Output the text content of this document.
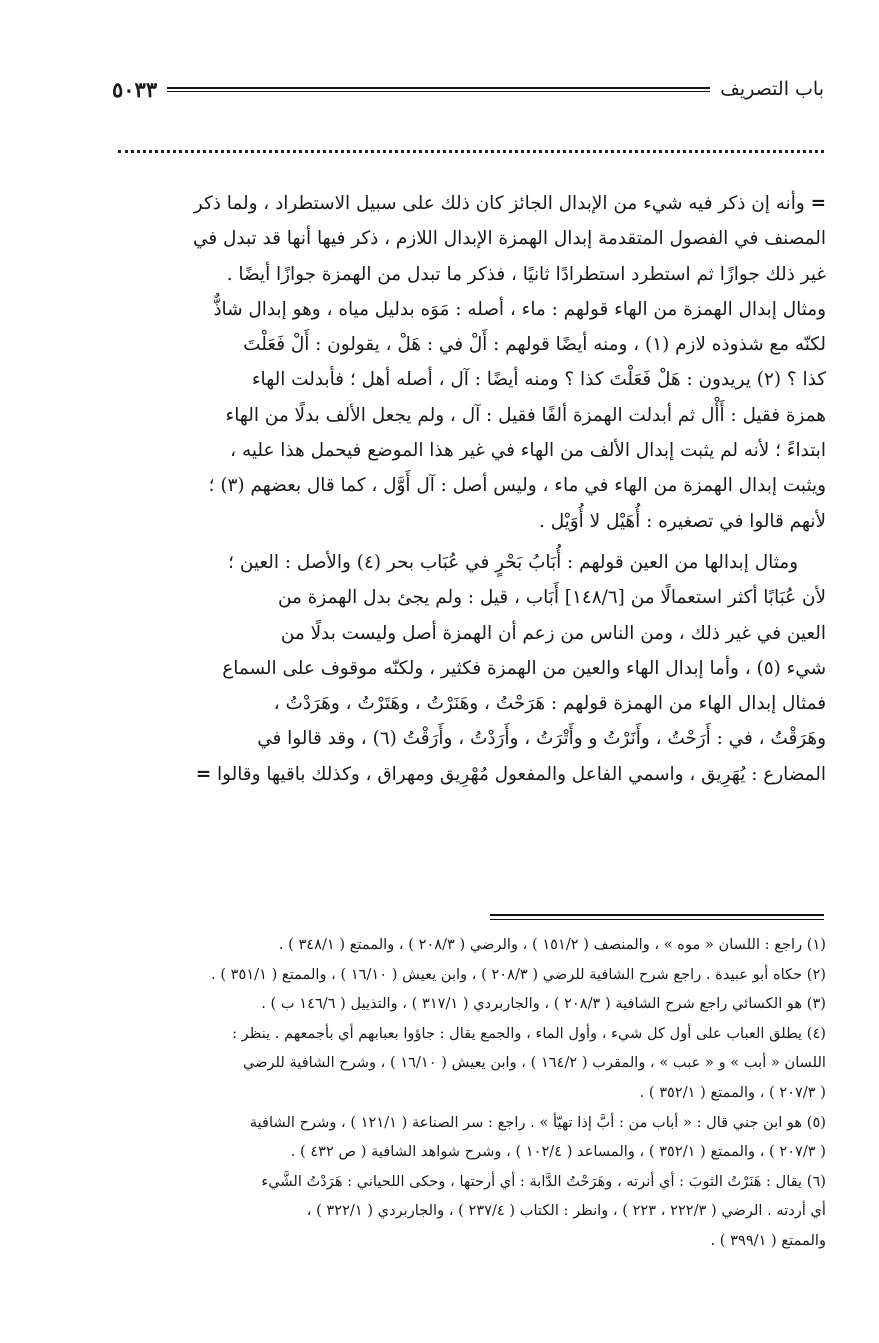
٥٠٣٣	باب التصريف

= وأنه إن ذكر فيه شيء من الإبدال الجائز كان ذلك على سبيل الاستطراد ، ولما ذكر

المصنف في الفصول المتقدمة إبدال الهمزة الإبدال اللازم ، ذكر فيها أنها قد تبدل في

غير ذلك جوازًا ثم استطرد استطرادًا ثانيًا ، فذكر ما تبدل من الهمزة جوازًا أيضًا .

ومثال إبدال الهمزة من الهاء قولهم : ماء ، أصله : مَوَه بدليل مياه ، وهو إبدال شاذٌّ

لكنّه مع شذوذه لازم (١) ، ومنه أيضًا قولهم : أَلْ في : هَلْ ، يقولون : أَلْ فَعَلْتَ

كذا ؟ (٢) يريدون : هَلْ فَعَلْتَ كذا ؟ ومنه أيضًا : آل ، أصله أهل ؛ فأبدلت الهاء

همزة فقيل : أَأْل ثم أبدلت الهمزة ألفًا فقيل : آل ، ولم يجعل الألف بدلًا من الهاء

ابتداءً ؛ لأنه لم يثبت إبدال الألف من الهاء في غير هذا الموضع فيحمل هذا عليه ،

ويثبت إبدال الهمزة من الهاء في ماء ، وليس أصل : آل أَوَّل ، كما قال بعضهم (٣) ؛

لأنهم قالوا في تصغيره : أُهَيْل لا أُوَيْل .

ومثال إبدالها من العين قولهم : أُبَابُ بَحْرٍ في عُبَاب بحر (٤) والأصل : العين ؛

لأن عُبَابًا أكثر استعمالًا من [١٤٨/٦] أَبَاب ، قيل : ولم يجئ بدل الهمزة من

العين في غير ذلك ، ومن الناس من زعم أن الهمزة أصل وليست بدلًا من

شيء (٥) ، وأما إبدال الهاء والعين من الهمزة فكثير ، ولكنّه موقوف على السماع

فمثال إبدال الهاء من الهمزة قولهم : هَرَحْتُ ، وهَنَرْتُ ، وهَتَرْتُ ، وهَرَدْتُ ،

وهَرَقْتُ ، في : أَرَحْتُ ، وأَنَرْتُ و وأَتْرَتُ ، وأَرَدْتُ ، وأَرَقْتُ (٦) ، وقد قالوا في

المضارع : يُهَرِيق ، واسمي الفاعل والمفعول مُهْرِيق ومهراق ، وكذلك باقيها وقالوا =

(١) راجع : اللسان « موه » ، والمنصف ( ١٥١/٢ ) ، والرضي ( ٢٠٨/٣ ) ، والممتع ( ٣٤٨/١ ) .

(٢) حكاه أبو عبيدة . راجع شرح الشافية للرضي ( ٢٠٨/٣ ) ، وابن يعيش ( ١٦/١٠ ) ، والممتع ( ٣٥١/١ ) .

(٣) هو الكسائي راجع شرح الشافية ( ٢٠٨/٣ ) ، والجاربردي ( ٣١٧/١ ) ، والتذييل ( ١٤٦/٦ ب ) .

(٤) يطلق العباب على أول كل شيء ، وأول الماء ، والجمع يقال : جاؤوا بعبابهم أي بأجمعهم . ينظر :

اللسان « أبب » و « عبب » ، والمقرب ( ١٦٤/٢ ) ، وابن يعيش ( ١٦/١٠ ) ، وشرح الشافية للرضي

( ٢٠٧/٣ ) ، والممتع ( ٣٥٢/١ ) .

(٥) هو ابن جني قال : « أباب من : أبَّ إذا تهيّأ » . راجع : سر الصناعة ( ١٢١/١ ) ، وشرح الشافية

( ٢٠٧/٣ ) ، والممتع ( ٣٥٢/١ ) ، والمساعد ( ١٠٢/٤ ) ، وشرح شواهد الشافية ( ص ٤٣٢ ) .

(٦) يقال : هَنَرْتُ الثوبَ : أي أنرته ، وهَرَحْتُ الدَّابة : أي أرحتها ، وحكى اللحياني : هَرَدْتُ الشَّيء

أي أردته . الرضي ( ٢٢٢/٣ ، ٢٢٣ ) ، وانظر : الكتاب ( ٢٣٧/٤ ) ، والجاربردي ( ٣٢٢/١ ) ،

والممتع ( ٣٩٩/١ ) .
